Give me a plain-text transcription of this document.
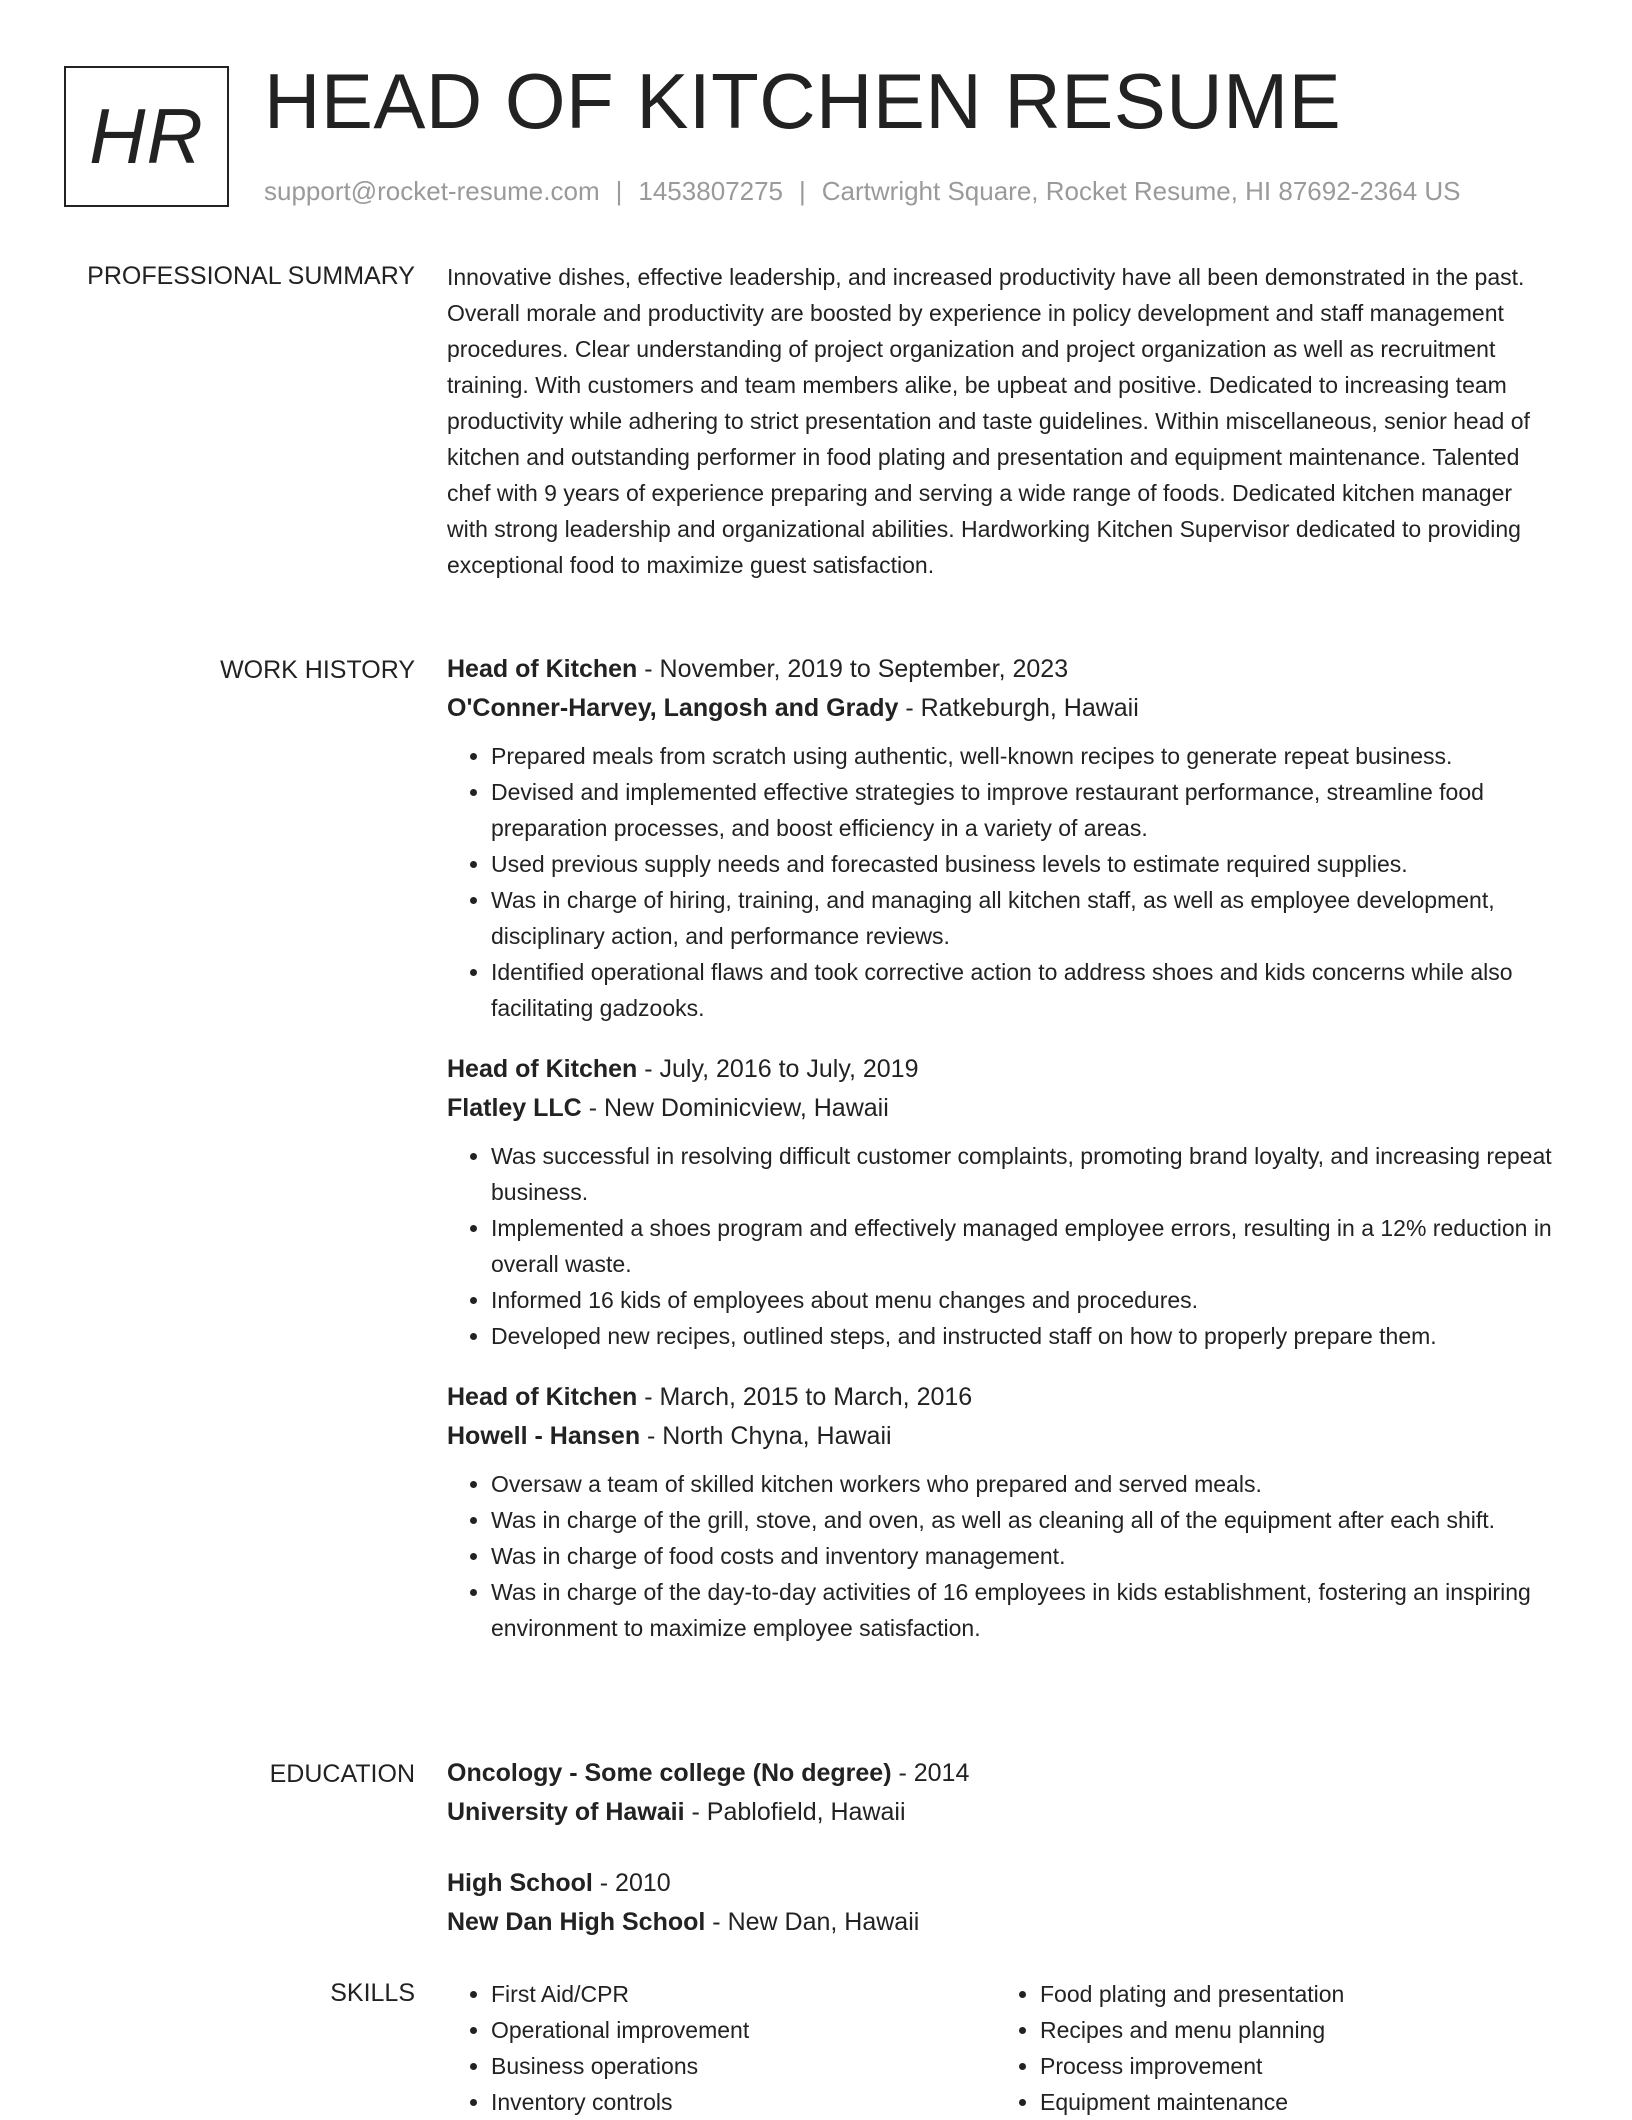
HR HEAD OF KITCHEN RESUME
support@rocket-resume.com | 1453807275 | Cartwright Square, Rocket Resume, HI 87692-2364 US
PROFESSIONAL SUMMARY Innovative dishes, effective leadership, and increased productivity have all been demonstrated in the past. Overall morale and productivity are boosted by experience in policy development and staff management procedures. Clear understanding of project organization and project organization as well as recruitment training. With customers and team members alike, be upbeat and positive. Dedicated to increasing team productivity while adhering to strict presentation and taste guidelines. Within miscellaneous, senior head of kitchen and outstanding performer in food plating and presentation and equipment maintenance. Talented chef with 9 years of experience preparing and serving a wide range of foods. Dedicated kitchen manager with strong leadership and organizational abilities. Hardworking Kitchen Supervisor dedicated to providing exceptional food to maximize guest satisfaction.

WORK HISTORY Head of Kitchen - November, 2019 to September, 2023
O'Conner-Harvey, Langosh and Grady - Ratkeburgh, Hawaii
• Prepared meals from scratch using authentic, well-known recipes to generate repeat business.
• Devised and implemented effective strategies to improve restaurant performance, streamline food preparation processes, and boost efficiency in a variety of areas.
• Used previous supply needs and forecasted business levels to estimate required supplies.
• Was in charge of hiring, training, and managing all kitchen staff, as well as employee development, disciplinary action, and performance reviews.
• Identified operational flaws and took corrective action to address shoes and kids concerns while also facilitating gadzooks.
Head of Kitchen - July, 2016 to July, 2019
Flatley LLC - New Dominicview, Hawaii
• Was successful in resolving difficult customer complaints, promoting brand loyalty, and increasing repeat business.
• Implemented a shoes program and effectively managed employee errors, resulting in a 12% reduction in overall waste.
• Informed 16 kids of employees about menu changes and procedures.
• Developed new recipes, outlined steps, and instructed staff on how to properly prepare them.
Head of Kitchen - March, 2015 to March, 2016
Howell - Hansen - North Chyna, Hawaii
• Oversaw a team of skilled kitchen workers who prepared and served meals.
• Was in charge of the grill, stove, and oven, as well as cleaning all of the equipment after each shift.
• Was in charge of food costs and inventory management.
• Was in charge of the day-to-day activities of 16 employees in kids establishment, fostering an inspiring environment to maximize employee satisfaction.
EDUCATION Oncology - Some college (No degree) - 2014
University of Hawaii - Pablofield, Hawaii
High School - 2010
New Dan High School - New Dan, Hawaii
SKILLS
•	First Aid/CPR
• Operational improvement
• Business operations
• Inventory controls
• Food plating and presentation
• Recipes and menu planning
• Process improvement
• Equipment maintenance
